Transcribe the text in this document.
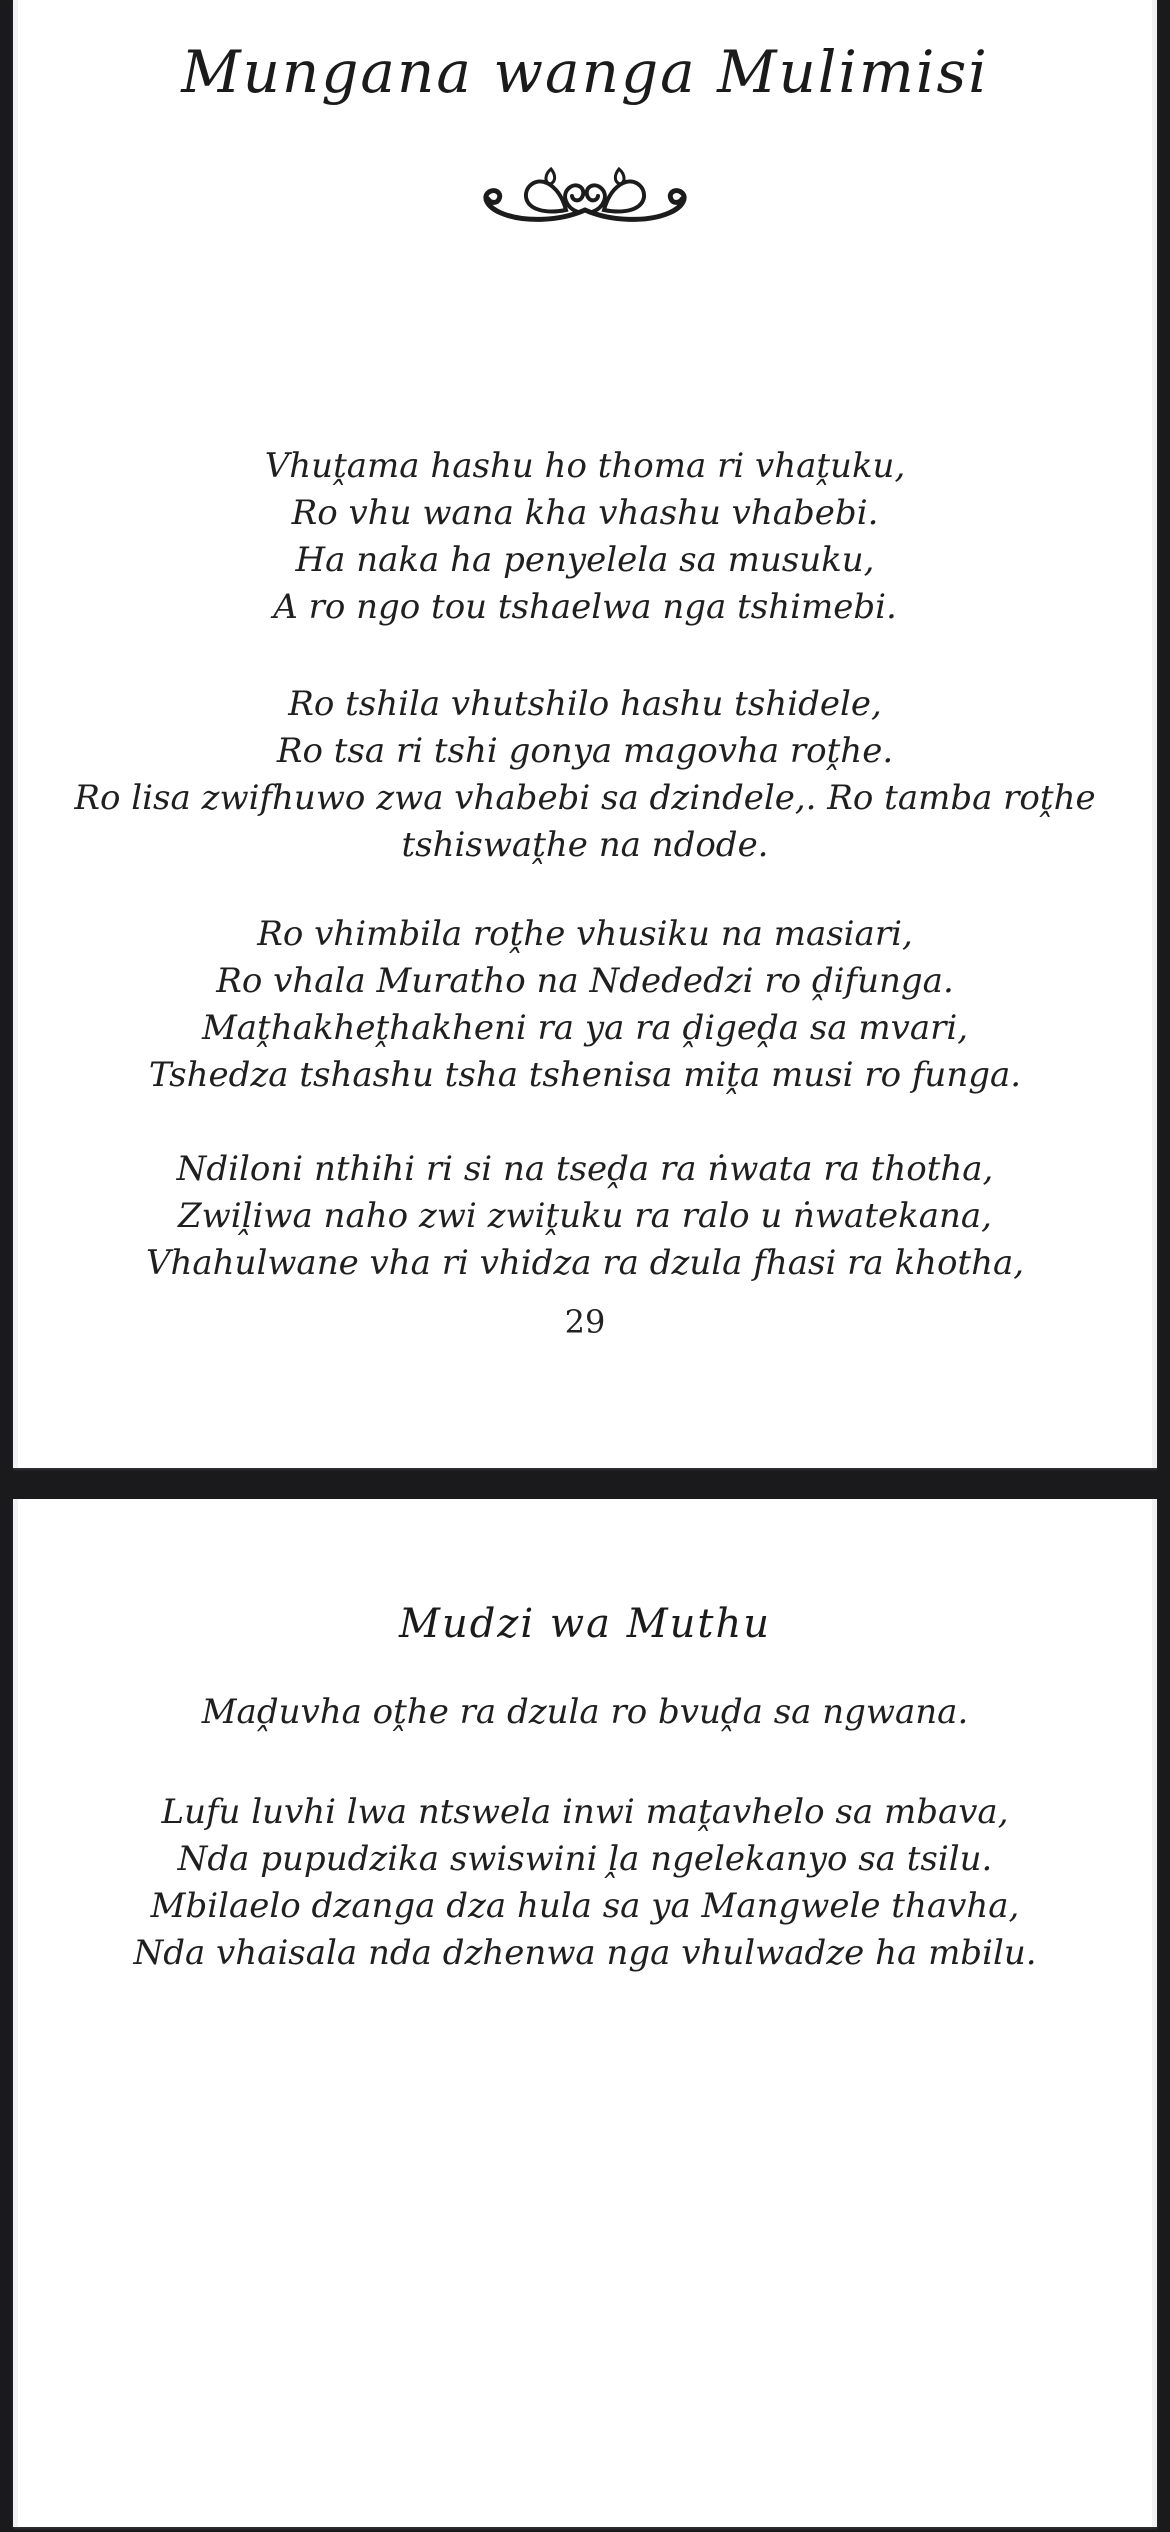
Mungana wanga Mulimisi
Vhuṱama hashu ho thoma ri vhaṱuku,
Ro vhu wana kha vhashu vhabebi.
Ha naka ha penyelela sa musuku,
A ro ngo tou tshaelwa nga tshimebi.
Ro tshila vhutshilo hashu tshidele,
Ro tsa ri tshi gonya magovha roṱhe.
Ro lisa zwifhuwo zwa vhabebi sa dzindele,. Ro tamba roṱhe
tshiswaṱhe na ndode.
Ro vhimbila roṱhe vhusiku na masiari,
Ro vhala Muratho na Ndededzi ro ḓifunga.
Maṱhakheṱhakheni ra ya ra ḓigeḓa sa mvari,
Tshedza tshashu tsha tshenisa miṱa musi ro funga.
Ndiloni nthihi ri si na tseḓa ra ṅwata ra thotha,
Zwiḽiwa naho zwi zwiṱuku ra ralo u ṅwatekana,
Vhahulwane vha ri vhidza ra dzula fhasi ra khotha,
29
Mudzi wa Muthu
Maḓuvha oṱhe ra dzula ro bvuḓa sa ngwana.
Lufu luvhi lwa ntswela inwi maṱavhelo sa mbava,
Nda pupudzika swiswini ḽa ngelekanyo sa tsilu.
Mbilaelo dzanga dza hula sa ya Mangwele thavha,
Nda vhaisala nda dzhenwa nga vhulwadze ha mbilu.
